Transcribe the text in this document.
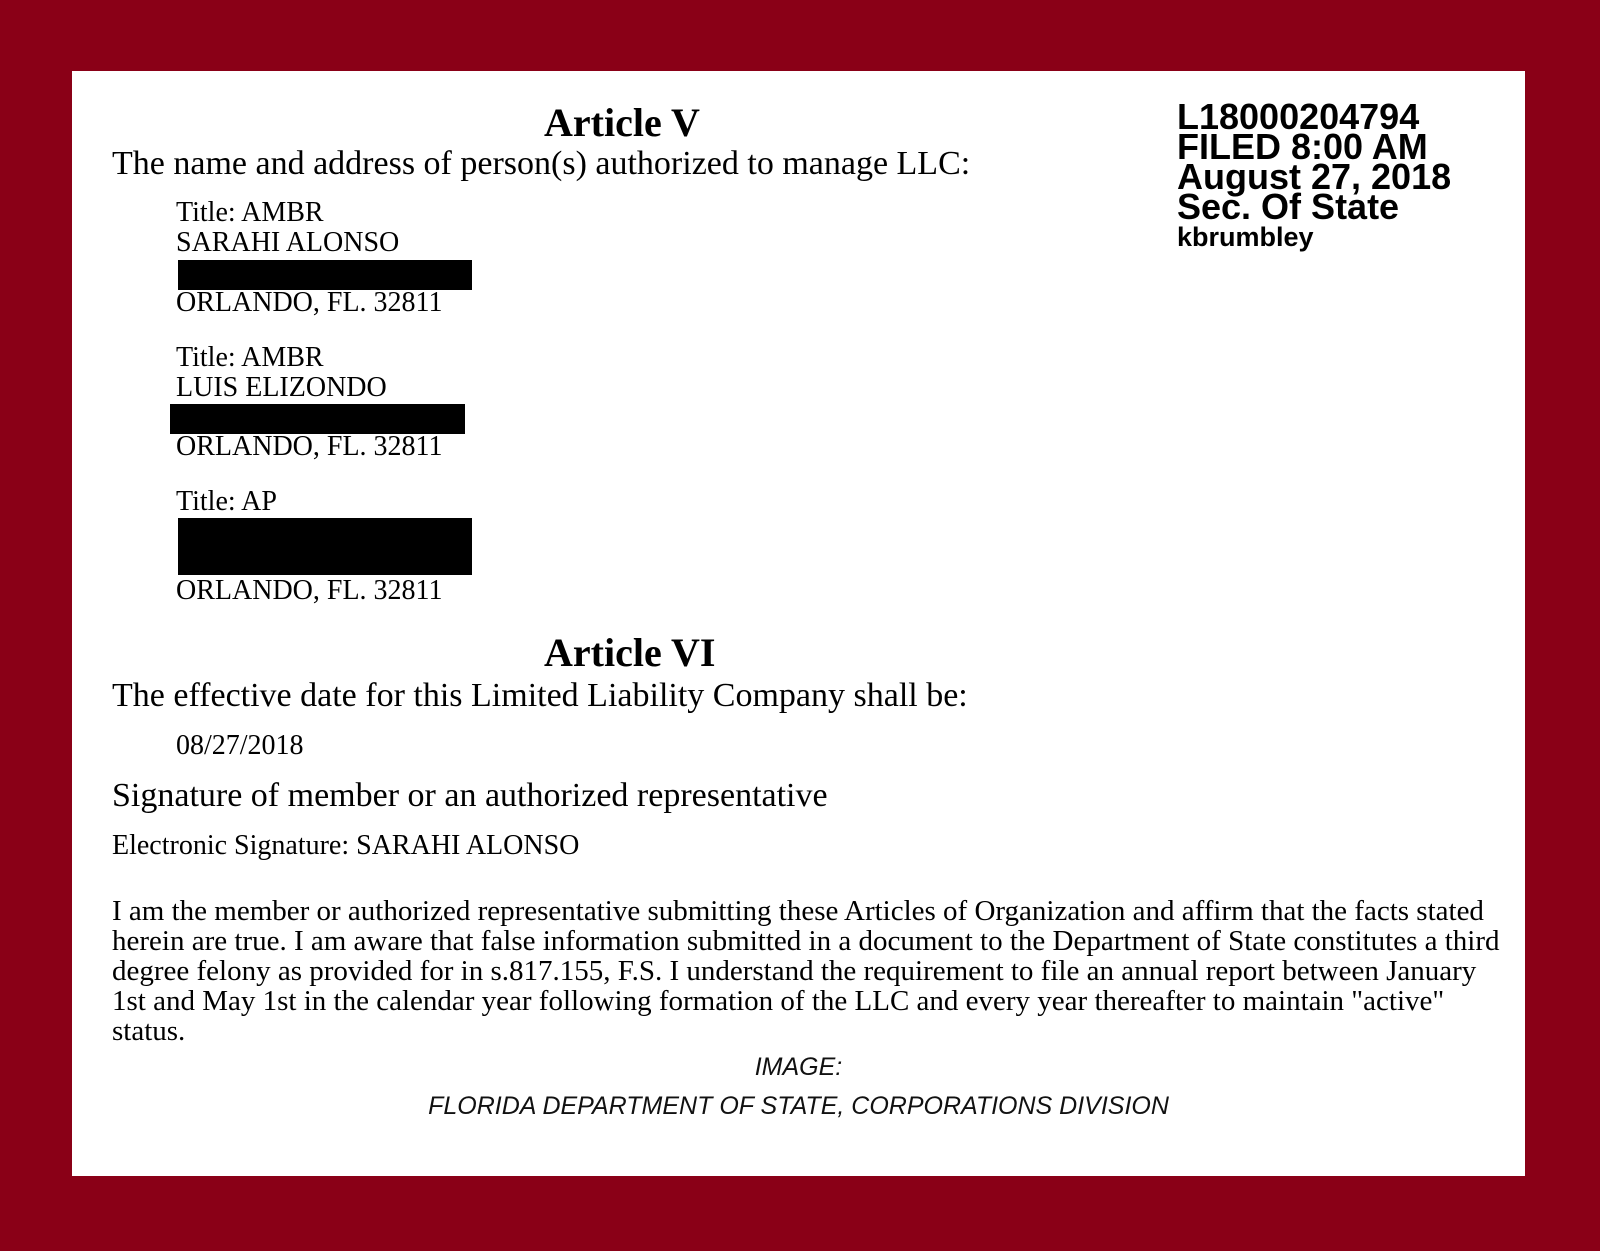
L18000204794
FILED 8:00 AM
August 27, 2018
Sec. Of State
kbrumbley
Article V
The name and address of person(s) authorized to manage LLC:
Title: AMBR
SARAHI ALONSO
ORLANDO, FL. 32811
Title: AMBR
LUIS ELIZONDO
ORLANDO, FL. 32811
Title: AP
ORLANDO, FL. 32811
Article VI
The effective date for this Limited Liability Company shall be:
08/27/2018
Signature of member or an authorized representative
Electronic Signature: SARAHI ALONSO
I am the member or authorized representative submitting these Articles of Organization and affirm that the facts stated herein are true. I am aware that false information submitted in a document to the Department of State constitutes a third degree felony as provided for in s.817.155, F.S. I understand the requirement to file an annual report between January 1st and May 1st in the calendar year following formation of the LLC and every year thereafter to maintain "active" status.
IMAGE:
FLORIDA DEPARTMENT OF STATE, CORPORATIONS DIVISION
